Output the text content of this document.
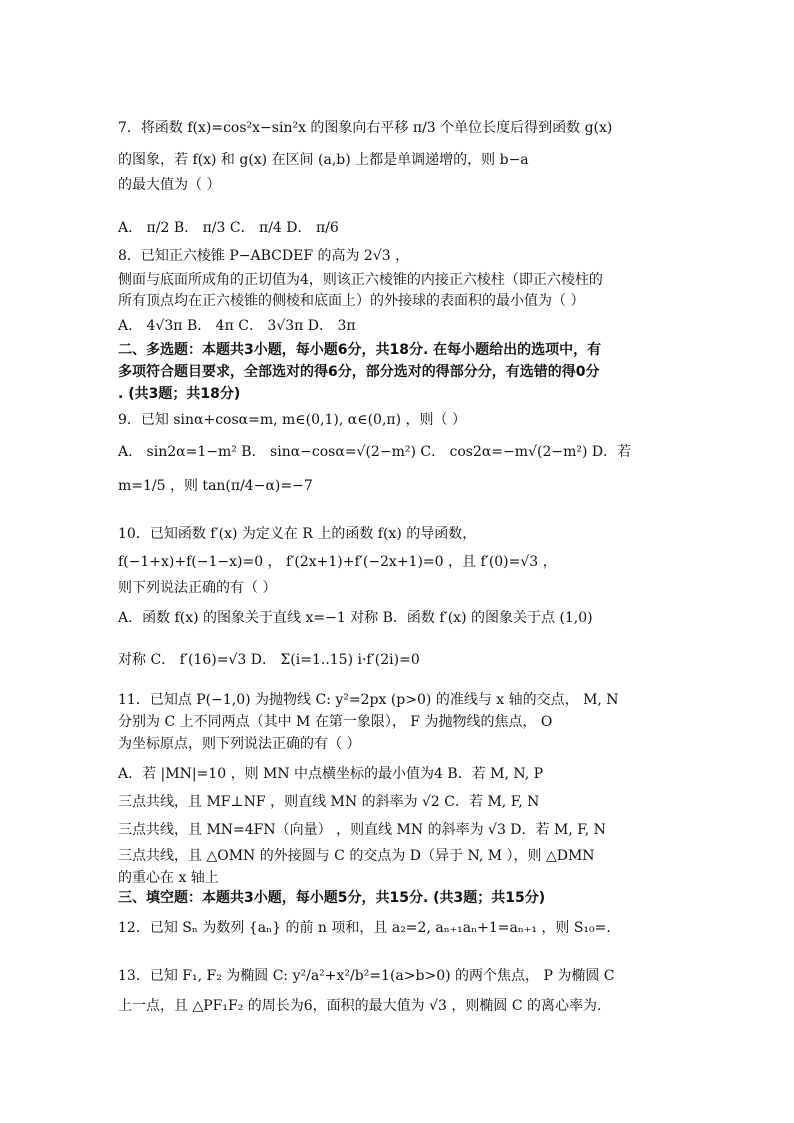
7．将函数 f(x)=cos²x−sin²x 的图象向右平移 π/3 个单位长度后得到函数 g(x)
的图象，若 f(x) 和 g(x) 在区间 (a,b) 上都是单调递增的，则 b−a
的最大值为（ ）
A． π/2 B． π/3 C． π/4 D． π/6
8．已知正六棱锥 P−ABCDEF 的高为 2√3 ，
侧面与底面所成角的正切值为4，则该正六棱锥的内接正六棱柱（即正六棱柱的
所有顶点均在正六棱锥的侧棱和底面上）的外接球的表面积的最小值为（ ）
A． 4√3π B． 4π C． 3√3π D． 3π
二、多选题：本题共3小题，每小题6分，共18分. 在每小题给出的选项中，有
多项符合题目要求，全部选对的得6分，部分选对的得部分分，有选错的得0分
. (共3题；共18分)
9．已知 sinα+cosα=m, m∈(0,1), α∈(0,π) ，则（ ）
A． sin2α=1−m² B． sinα−cosα=√(2−m²) C． cos2α=−m√(2−m²) D．若
m=1/5 ，则 tan(π/4−α)=−7
10．已知函数 f′(x) 为定义在 R 上的函数 f(x) 的导函数，
f(−1+x)+f(−1−x)=0 ， f′(2x+1)+f′(−2x+1)=0 ，且 f′(0)=√3 ，
则下列说法正确的有（ ）
A．函数 f(x) 的图象关于直线 x=−1 对称 B．函数 f′(x) 的图象关于点 (1,0)
对称 C． f′(16)=√3 D． Σ(i=1..15) i·f′(2i)=0
11．已知点 P(−1,0) 为抛物线 C: y²=2px (p>0) 的准线与 x 轴的交点， M, N
分别为 C 上不同两点（其中 M 在第一象限）， F 为抛物线的焦点， O
为坐标原点，则下列说法正确的有（ ）
A．若 |MN|=10 ，则 MN 中点横坐标的最小值为4 B．若 M, N, P
三点共线，且 MF⊥NF ，则直线 MN 的斜率为 √2 C．若 M, F, N
三点共线，且 MN=4FN（向量） ，则直线 MN 的斜率为 √3 D．若 M, F, N
三点共线，且 △OMN 的外接圆与 C 的交点为 D（异于 N, M ），则 △DMN
的重心在 x 轴上
三、填空题：本题共3小题，每小题5分，共15分. (共3题；共15分)
12．已知 Sₙ 为数列 {aₙ} 的前 n 项和，且 a₂=2, aₙ₊₁aₙ+1=aₙ₊₁ ，则 S₁₀=.
13．已知 F₁, F₂ 为椭圆 C: y²/a²+x²/b²=1(a>b>0) 的两个焦点， P 为椭圆 C
上一点，且 △PF₁F₂ 的周长为6，面积的最大值为 √3 ，则椭圆 C 的离心率为.
